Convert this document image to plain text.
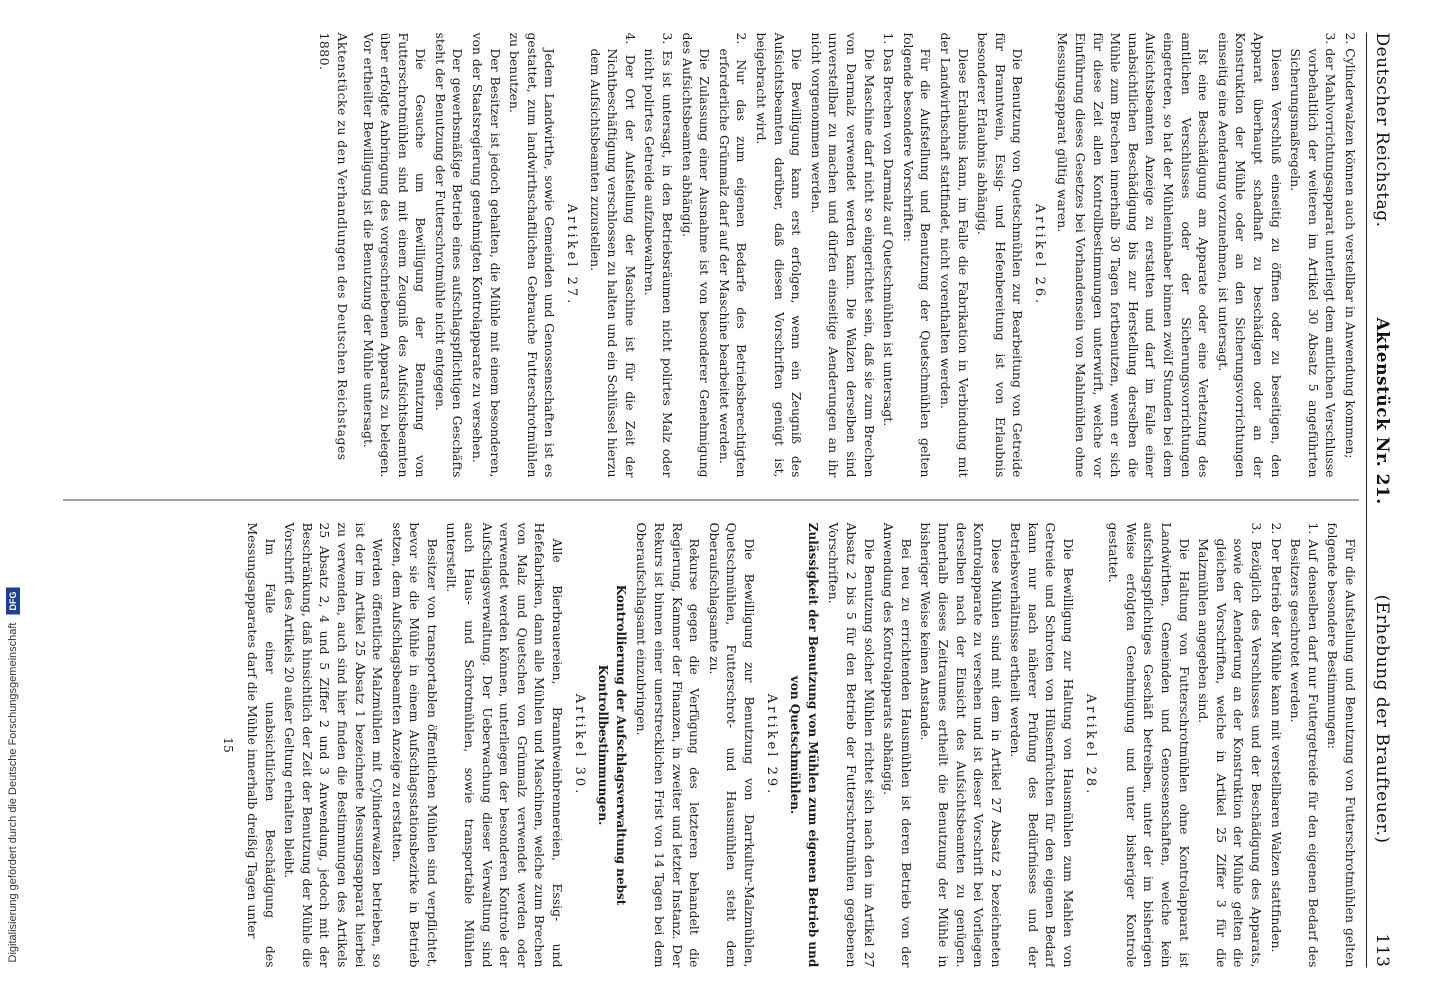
Digitalisierung gefördert durch die Deutsche Forschungsgemeinschaft
DFG
Deutscher Reichstag.
Aktenstück Nr. 21.
(Erhebung der Braufteuer.)
113

2. Cylinderwalzen können auch verstellbar in Anwendung kommen;

3. der Mahlvorrichtungsapparat unterliegt dem amtlichen Verschlusse vorbehaltlich der weiteren im Artikel 30 Absatz 5 angeführten Sicherungsmaßregeln.

Diesen Verschluß einseitig zu öffnen oder zu beseitigen, den Apparat überhaupt schadhaft zu beschädigen oder an der Konstruktion der Mühle oder an den Sicherungsvorrichtungen einseitig eine Aenderung vorzunehmen, ist untersagt.

Ist eine Beschädigung am Apparate oder eine Verletzung des amtlichen Verschlusses oder der Sicherungsvorrichtungen eingetreten, so hat der Mühleninhaber binnen zwölf Stunden bei dem Aufsichtsbeamten Anzeige zu erstatten und darf im Falle einer unabsichtlichen Beschädigung bis zur Herstellung derselben die Mühle zum Brechen innerhalb 30 Tagen fortbenutzen, wenn er sich für diese Zeit allen Kontrollbestimmungen unterwirft, welche vor Einführung dieses Gesetzes bei Vorhandensein von Mahlmühlen ohne Messungsapparat gültig waren.

Artikel 26.

Die Benutzung von Quetschmühlen zur Bearbeitung von Getreide für Branntwein, Essig- und Hefenbereitung ist von Erlaubnis besonderer Erlaubnis abhängig.

Diese Erlaubnis kann, im Falle die Fabrikation in Verbindung mit der Landwirthschaft stattfindet, nicht vorenthalten werden.

Für die Aufstellung und Benutzung der Quetschmühlen gelten folgende besondere Vorschriften:

1. Das Brechen von Darmalz auf Quetschmühlen ist untersagt.

Die Maschine darf nicht so eingerichtet sein, daß sie zum Brechen von Darmalz verwendet werden kann. Die Walzen derselben sind unverstellbar zu machen und dürfen einseitige Aenderungen an ihr nicht vorgenommen werden.

Die Bewilligung kann erst erfolgen, wenn ein Zeugniß des Aufsichtsbeamten darüber, daß diesen Vorschriften genügt ist, beigebracht wird.

2. Nur das zum eigenen Bedarfe des Betriebsberechtigten erforderliche Grünmalz darf auf der Maschine bearbeitet werden.

Die Zulassung einer Ausnahme ist von besonderer Genehmigung des Aufsichtsbeamten abhängig.

3. Es ist untersagt, in den Betriebsräumen nicht polirtes Malz oder nicht polirtes Getreide aufzubewahren.

4. Der Ort der Aufstellung der Maschine ist für die Zeit der Nichtbeschäftigung verschlossen zu halten und ein Schlüssel hierzu dem Aufsichtsbeamten zuzustellen.

Artikel 27.

Jedem Landwirthe, sowie Gemeinden und Genossenschaften ist es gestattet, zum landwirthschaftlichen Gebrauche Futterschrotmühlen zu benutzen.

Der Besitzer ist jedoch gehalten, die Mühle mit einem besonderen, von der Staatsregierung genehmigten Kontrolapparate zu versehen.

Der gewerbsmäßige Betrieb eines aufschlagspflichtigen Geschäfts steht der Benutzung der Futterschrotmühle nicht entgegen.

Die Gesuche um Bewilligung der Benutzung von Futterschrotmühlen sind mit einem Zeugniß des Aufsichtsbeamten über erfolgte Anbringung des vorgeschriebenen Apparats zu belegen. Vor ertheilter Bewilligung ist die Benutzung der Mühle untersagt.

Aktenstücke zu den Verhandlungen des Deutschen Reichstages 1880.

Für die Aufstellung und Benutzung von Futterschrotmühlen gelten folgende besondere Bestimmungen:

1. Auf denselben darf nur Futtergetreide für den eigenen Bedarf des Besitzers geschrotet werden.

2. Der Betrieb der Mühle kann mit verstellbaren Walzen stattfinden.

3. Bezüglich des Verschlusses und der Beschädigung des Apparats, sowie der Aenderung an der Konstruktion der Mühle gelten die gleichen Vorschriften, welche in Artikel 25 Ziffer 3 für die Malzmühlen angegeben sind.

Die Haltung von Futterschrotmühlen ohne Kontrolapparat ist Landwirthen, Gemeinden und Genossenschaften, welche kein aufschlagspflichtiges Geschäft betreiben, unter der im bisherigen Weise erfolgten Genehmigung und unter bisheriger Kontrole gestattet.

Artikel 28.

Die Bewilligung zur Haltung von Hausmühlen zum Mahlen von Getreide und Schroten von Hülsenfrüchten für den eigenen Bedarf kann nur nach näherer Prüfung des Bedürfnisses und der Betriebsverhältnisse ertheilt werden.

Diese Mühlen sind mit dem in Artikel 27 Absatz 2 bezeichneten Kontrolapparate zu versehen und ist dieser Vorschrift bei Vorliegen derselben nach der Einsicht des Aufsichtsbeamten zu genügen. Innerhalb dieses Zeitraumes ertheilt die Benutzung der Mühle in bisheriger Weise keinen Anstande.

Bei neu zu errichtenden Hausmühlen ist deren Betrieb von der Anwendung des Kontrolapparats abhängig.

Die Benutzung solcher Mühlen richtet sich nach den im Artikel 27 Absatz 2 bis 5 für den Betrieb der Futterschrotmühlen gegebenen Vorschriften.

Zulässigkeit der Benutzung von Mühlen zum eigenen Betrieb und von Quetschmühlen.

Artikel 29.

Die Bewilligung zur Benutzung von Darrkultur-Malzmühlen, Quetschmühlen, Futterschrot- und Hausmühlen steht dem Oberaufschlagsamte zu.

Rekurse gegen die Verfügung des letzteren behandelt die Regierung, Kammer der Finanzen, in zweiter und letzter Instanz. Der Rekurs ist binnen einer unerstrecklichen Frist von 14 Tagen bei dem Oberaufschlagsamt einzubringen.

Kontrollierung der Aufschlagsverwaltung nebst Kontrollbestimmungen.

Artikel 30.

Alle Bierbrauereien, Branntweinbrennereien, Essig- und Hefefabriken, dann alle Mühlen und Maschinen, welche zum Brechen von Malz und Quetschen von Grünmalz verwendet werden oder verwendet werden können, unterliegen der besonderen Kontrole der Aufschlagsverwaltung. Der Ueberwachung dieser Verwaltung sind auch Haus- und Schrotmühlen, sowie transportable Mühlen unterstellt.

Besitzer von transportablen öffentlichen Mühlen sind verpflichtet, bevor sie die Mühle in einem Aufschlagsstationsbezirke in Betrieb setzen, dem Aufschlagsbeamten Anzeige zu erstatten.

Werden öffentliche Malzmühlen mit Cylinderwalzen betrieben, so ist der im Artikel 25 Absatz 1 bezeichnete Messungsapparat hierbei zu verwenden, auch sind hier finden die Bestimmungen des Artikels 25 Absatz 2, 4 und 5 Ziffer 2 und 3 Anwendung, jedoch mit der Beschränkung, daß hinsichtlich der Zeit der Benutzung der Mühle die Vorschrift des Artikels 20 außer Geltung erhalten bleibt.

Im Falle einer unabsichtlichen Beschädigung des Messungsapparates darf die Mühle innerhalb dreißig Tagen unter

15
